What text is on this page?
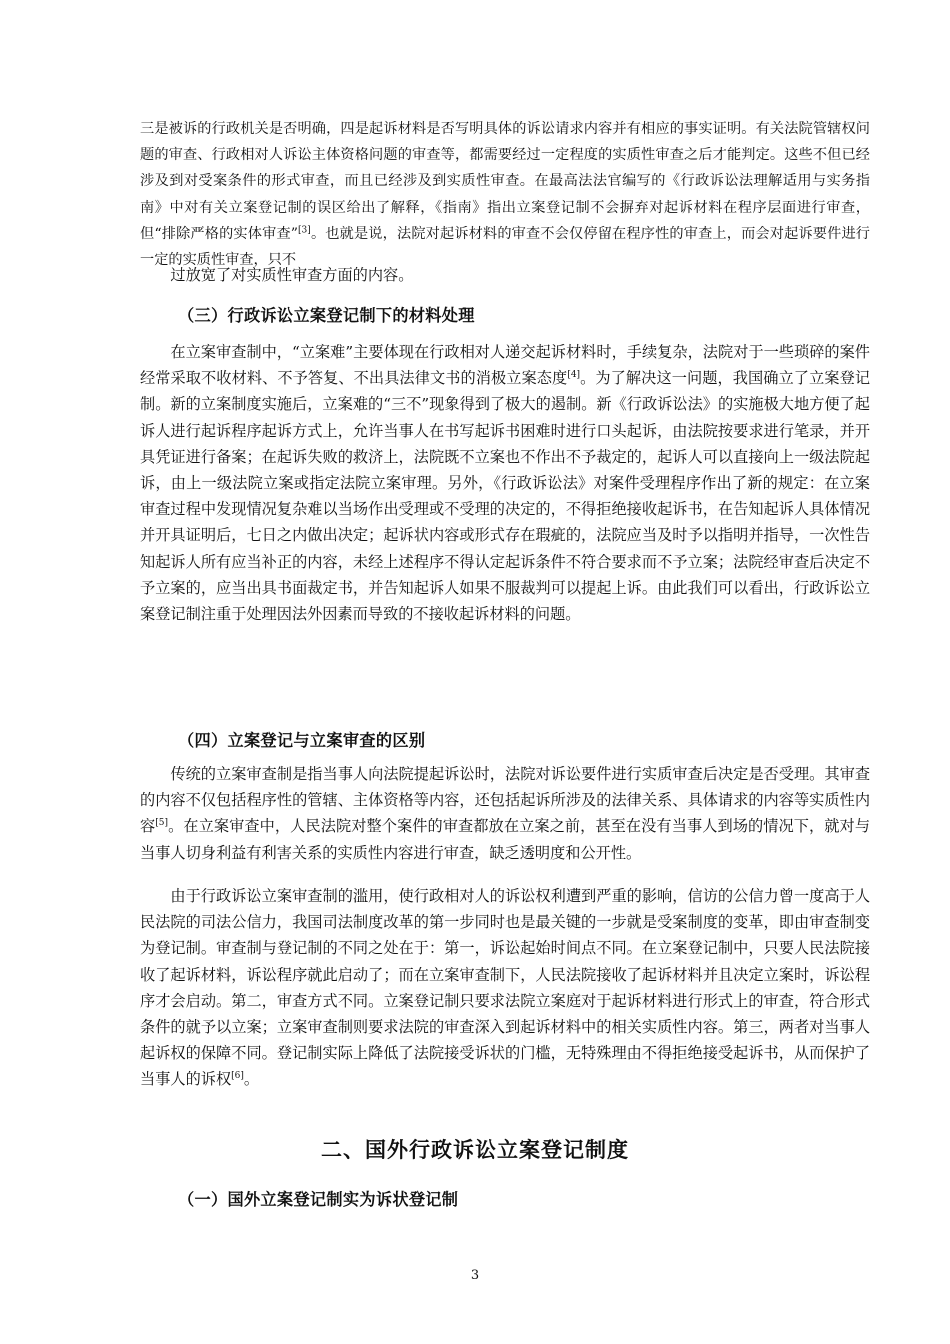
三是被诉的行政机关是否明确，四是起诉材料是否写明具体的诉讼请求内容并有相应的事实证明。有关法院管辖权问题的审查、行政相对人诉讼主体资格问题的审查等，都需要经过一定程度的实质性审查之后才能判定。这些不但已经涉及到对受案条件的形式审查，而且已经涉及到实质性审查。在最高法法官编写的《行政诉讼法理解适用与实务指南》中对有关立案登记制的误区给出了解释，《指南》指出立案登记制不会摒弃对起诉材料在程序层面进行审查，但“排除严格的实体审查”[3]。也就是说，法院对起诉材料的审查不会仅停留在程序性的审查上，而会对起诉要件进行一定的实质性审查，只不

过放宽了对实质性审查方面的内容。

（三）行政诉讼立案登记制下的材料处理

在立案审查制中，“立案难”主要体现在行政相对人递交起诉材料时，手续复杂，法院对于一些琐碎的案件经常采取不收材料、不予答复、不出具法律文书的消极立案态度[4]。为了解决这一问题，我国确立了立案登记制。新的立案制度实施后，立案难的“三不”现象得到了极大的遏制。新《行政诉讼法》的实施极大地方便了起诉人进行起诉程序起诉方式上，允许当事人在书写起诉书困难时进行口头起诉，由法院按要求进行笔录，并开具凭证进行备案；在起诉失败的救济上，法院既不立案也不作出不予裁定的，起诉人可以直接向上一级法院起诉，由上一级法院立案或指定法院立案审理。另外，《行政诉讼法》对案件受理程序作出了新的规定：在立案审查过程中发现情况复杂难以当场作出受理或不受理的决定的，不得拒绝接收起诉书，在告知起诉人具体情况并开具证明后，七日之内做出决定；起诉状内容或形式存在瑕疵的，法院应当及时予以指明并指导，一次性告知起诉人所有应当补正的内容，未经上述程序不得认定起诉条件不符合要求而不予立案；法院经审查后决定不予立案的，应当出具书面裁定书，并告知起诉人如果不服裁判可以提起上诉。由此我们可以看出，行政诉讼立案登记制注重于处理因法外因素而导致的不接收起诉材料的问题。

（四）立案登记与立案审查的区别

传统的立案审查制是指当事人向法院提起诉讼时，法院对诉讼要件进行实质审查后决定是否受理。其审查的内容不仅包括程序性的管辖、主体资格等内容，还包括起诉所涉及的法律关系、具体请求的内容等实质性内容[5]。在立案审查中，人民法院对整个案件的审查都放在立案之前，甚至在没有当事人到场的情况下，就对与当事人切身利益有利害关系的实质性内容进行审查，缺乏透明度和公开性。

由于行政诉讼立案审查制的滥用，使行政相对人的诉讼权利遭到严重的影响，信访的公信力曾一度高于人民法院的司法公信力，我国司法制度改革的第一步同时也是最关键的一步就是受案制度的变革，即由审查制变为登记制。审查制与登记制的不同之处在于：第一，诉讼起始时间点不同。在立案登记制中，只要人民法院接收了起诉材料，诉讼程序就此启动了；而在立案审查制下，人民法院接收了起诉材料并且决定立案时，诉讼程序才会启动。第二，审查方式不同。立案登记制只要求法院立案庭对于起诉材料进行形式上的审查，符合形式条件的就予以立案；立案审查制则要求法院的审查深入到起诉材料中的相关实质性内容。第三，两者对当事人起诉权的保障不同。登记制实际上降低了法院接受诉状的门槛，无特殊理由不得拒绝接受起诉书，从而保护了当事人的诉权[6]。

二、国外行政诉讼立案登记制度
（一）国外立案登记制实为诉状登记制
3
